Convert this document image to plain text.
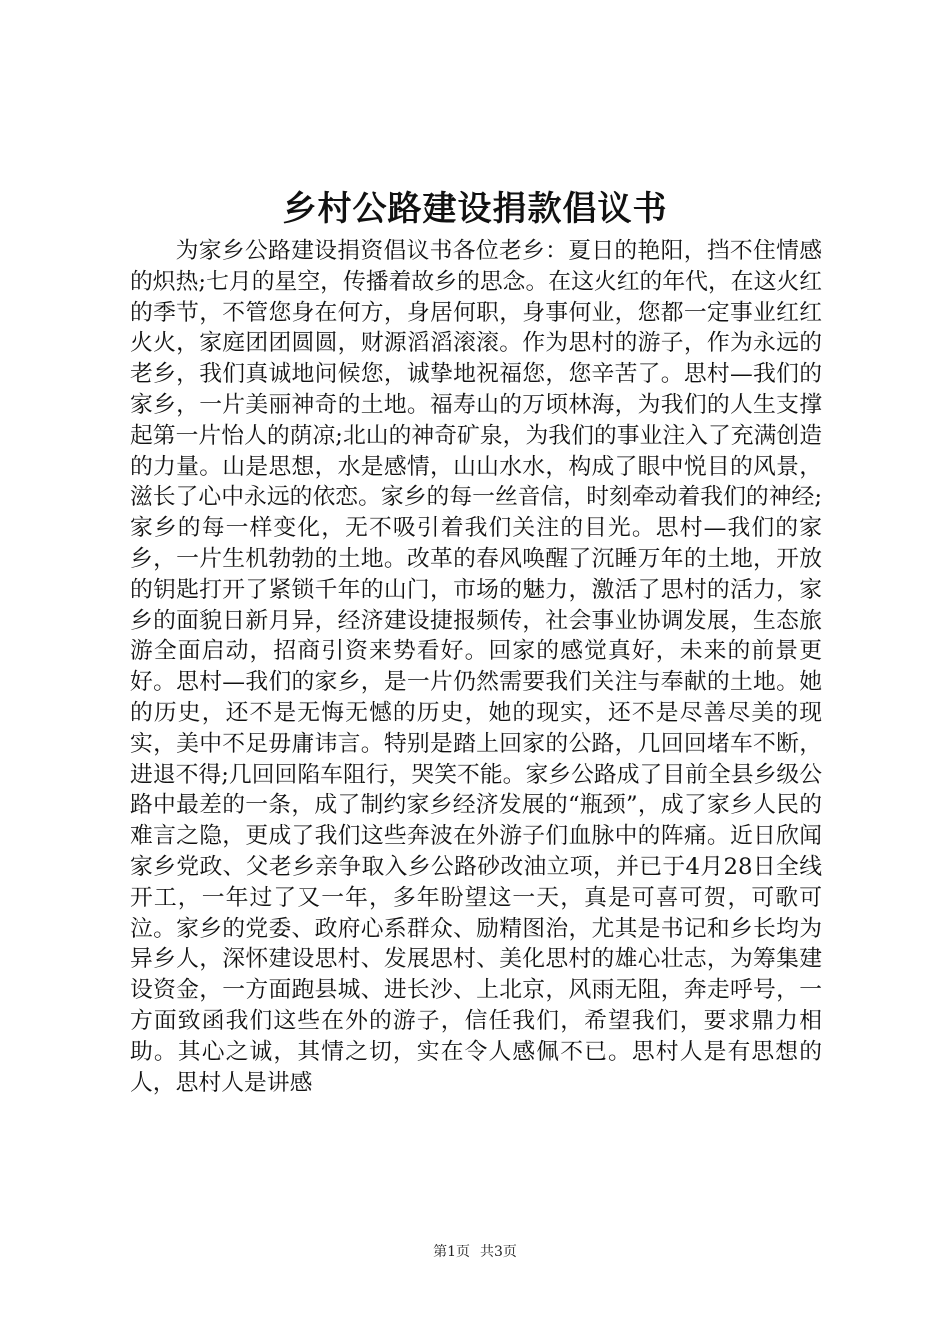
乡村公路建设捐款倡议书

为家乡公路建设捐资倡议书各位老乡：夏日的艳阳，挡不住情感的炽热;七月的星空，传播着故乡的思念。在这火红的年代，在这火红的季节，不管您身在何方，身居何职，身事何业，您都一定事业红红火火，家庭团团圆圆，财源滔滔滚滚。作为思村的游子，作为永远的老乡，我们真诚地问候您，诚挚地祝福您，您辛苦了。思村—我们的家乡，一片美丽神奇的土地。福寿山的万顷林海，为我们的人生支撑起第一片怡人的荫凉;北山的神奇矿泉，为我们的事业注入了充满创造的力量。山是思想，水是感情，山山水水，构成了眼中悦目的风景，滋长了心中永远的依恋。家乡的每一丝音信，时刻牵动着我们的神经;家乡的每一样变化，无不吸引着我们关注的目光。思村—我们的家乡，一片生机勃勃的土地。改革的春风唤醒了沉睡万年的土地，开放的钥匙打开了紧锁千年的山门，市场的魅力，激活了思村的活力，家乡的面貌日新月异，经济建设捷报频传，社会事业协调发展，生态旅游全面启动，招商引资来势看好。回家的感觉真好，未来的前景更好。思村—我们的家乡，是一片仍然需要我们关注与奉献的土地。她的历史，还不是无悔无憾的历史，她的现实，还不是尽善尽美的现实，美中不足毋庸讳言。特别是踏上回家的公路，几回回堵车不断，进退不得;几回回陷车阻行，哭笑不能。家乡公路成了目前全县乡级公路中最差的一条，成了制约家乡经济发展的“瓶颈”，成了家乡人民的难言之隐，更成了我们这些奔波在外游子们血脉中的阵痛。近日欣闻家乡党政、父老乡亲争取入乡公路砂改油立项，并已于4月28日全线开工，一年过了又一年，多年盼望这一天，真是可喜可贺，可歌可泣。家乡的党委、政府心系群众、励精图治，尤其是书记和乡长均为异乡人，深怀建设思村、发展思村、美化思村的雄心壮志，为筹集建设资金，一方面跑县城、进长沙、上北京，风雨无阻，奔走呼号，一方面致函我们这些在外的游子，信任我们，希望我们，要求鼎力相助。其心之诚，其情之切，实在令人感佩不已。思村人是有思想的人，思村人是讲感

第1页 共3页
